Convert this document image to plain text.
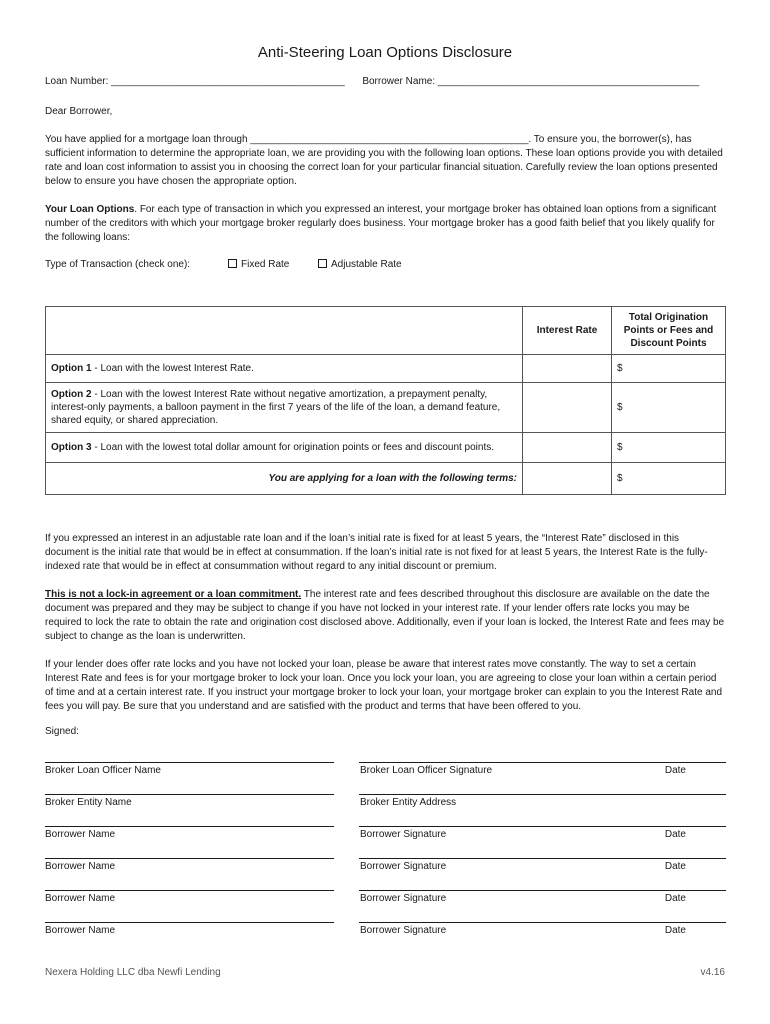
Anti-Steering Loan Options Disclosure
Loan Number: __________________________________________ Borrower Name: _______________________________________________
Dear Borrower,
You have applied for a mortgage loan through __________________________________________________. To ensure you, the borrower(s), has sufficient information to determine the appropriate loan, we are providing you with the following loan options. These loan options provide you with detailed rate and loan cost information to assist you in choosing the correct loan for your particular financial situation. Carefully review the loan options presented below to ensure you have chosen the appropriate option.
Your Loan Options. For each type of transaction in which you expressed an interest, your mortgage broker has obtained loan options from a significant number of the creditors with which your mortgage broker regularly does business. Your mortgage broker has a good faith belief that you likely qualify for the following loans:
Type of Transaction (check one):	Fixed Rate	Adjustable Rate
	Interest Rate	Total Origination Points or Fees and Discount Points
Option 1 - Loan with the lowest Interest Rate.		$
Option 2 - Loan with the lowest Interest Rate without negative amortization, a prepayment penalty, interest-only payments, a balloon payment in the first 7 years of the life of the loan, a demand feature, shared equity, or shared appreciation.		$
Option 3 - Loan with the lowest total dollar amount for origination points or fees and discount points.		$
You are applying for a loan with the following terms:		$
If you expressed an interest in an adjustable rate loan and if the loan’s initial rate is fixed for at least 5 years, the “Interest Rate” disclosed in this document is the initial rate that would be in effect at consummation. If the loan’s initial rate is not fixed for at least 5 years, the Interest Rate is the fully-indexed rate that would be in effect at consummation without regard to any initial discount or premium.
This is not a lock-in agreement or a loan commitment. The interest rate and fees described throughout this disclosure are available on the date the document was prepared and they may be subject to change if you have not locked in your interest rate. If your lender offers rate locks you may be required to lock the rate to obtain the rate and origination cost disclosed above. Additionally, even if your loan is locked, the Interest Rate and fees may be subject to change as the loan is underwritten.
If your lender does offer rate locks and you have not locked your loan, please be aware that interest rates move constantly. The way to set a certain Interest Rate and fees is for your mortgage broker to lock your loan. Once you lock your loan, you are agreeing to close your loan within a certain period of time and at a certain interest rate. If you instruct your mortgage broker to lock your loan, your mortgage broker can explain to you the Interest Rate and fees you will pay. Be sure that you understand and are satisfied with the product and terms that have been offered to you.
Signed:
Broker Loan Officer Name	Broker Loan Officer Signature	Date
Broker Entity Name	Broker Entity Address
Borrower Name	Borrower Signature	Date
Borrower Name	Borrower Signature	Date
Borrower Name	Borrower Signature	Date
Borrower Name	Borrower Signature	Date
Nexera Holding LLC dba Newfi Lending	v4.16
